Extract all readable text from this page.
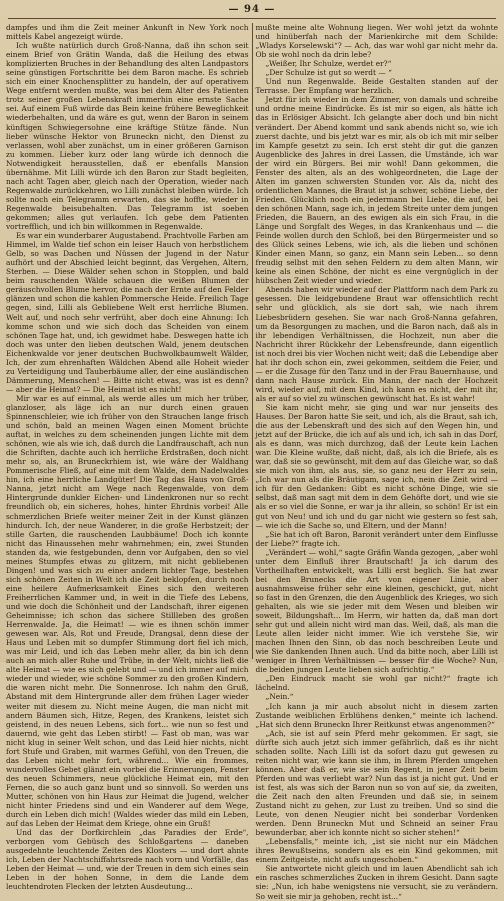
— 94 —

dampfes und ihm die Zeit meiner Ankunft in New York noch mittels Kabel angezeigt würde.

Ich wußte natürlich durch Groß-Nanna, daß ihn schon seit einem Brief von Grätin Wanda, daß die Heilung des etwas komplizierten Bruches in der Behandlung des alten Landpastors seine günstigen Fortschritte bei dem Baron mache. Es schrieb sich ein einer Knochensplitter zu handeln, der auf operativem Wege entfernt werden mußte, was bei dem Alter des Patienten trotz seiner großen Lebenskraft immerhin eine ernste Sache sei. Auf einem Fuß würde das Bein keine frühere Beweglichkeit wiederbehalten, und da wäre es gut, wenn der Baron in seinem künftigen Schwiegersohne eine kräftige Stütze fände. Nun lieber wünsche Hektor von Bruneckn nicht, den Dienst zu verlassen, wohl aber zunächst, um in einer größeren Garnison zu kommen. Lieber kurz oder lang würde ich dennoch die Notwendigkeit herausstellen, daß er ebenfalls Mansion übernähme. Mit Lilli würde ich den Baron zur Stadt begleiten, nach acht Tagen aber, gleich nach der Operation, wieder nach Regenwalde zurückkehren, wo Lilli zunächst bleiben würde. Ich sollte noch ein Telegramm erwarten, das sie hoffte, wieder in Regenwalde beisubehalten. Das Telegramm ist soeben gekommen; alles gut verlaufen. Ich gebe dem Patienten vortrefflich, und ich bin willkommen in Regenwalde.

Es war ein wunderbarer Augustabend. Prachtvolle Farben am Himmel, im Walde tief schon ein leiser Hauch von herbstlichem Gelb, so was Dachen und Nüssen der Jugend in der Natur aufhört und der Abschied leicht beginnt, das Vergehen, Altern, Sterben. — Diese Wälder sehen schon in Stopplen, und bald beim rauschenden Wälde schauen die weißen Blumen der geräuschvollen Blume hervor, die nach der Ernte auf den Felder glänzen und schon die kahlen Pommersche Heide. Freilich Tage gegen, sind, Lilli als Gebliebene Welt erst herrliche Blumen. Welt auf, und noch sehr verfrüht, aber doch eine Ahnung: Ich komme schon und wie sich doch das Scheiden von einem schönen Tage hat, und, ich gewidmet habe. Deswegen hatte ich doch was unter den lieben deutschen Wald, jenem deutschen Eichenkwalde vor jener deutschen Buchwolkbaumwelt Wälder, Ich, der zum ehrenhaften Wäldchen Abend alle Hoheit wieder zu Verteidigung und Tauberbäume aller, der eine ausländischen Dämmerung, Menschen! — Bitte nicht etwas, was ist es denn? — aber die Heimat? — Die Heimat ist es nicht!

Mir war es auf einmal, als werde alles um mich her trüber, glanzloser, als läge ich an nur durch einen grauen Spinnenschleier, wie ich früher von den Strauchen lange frisch und schön, bald an meinen Wagen einen Moment brüchte auftat, in welches zu dem scheinenden jungen Lichte mit dem schönen, wie als wie ich, daß durch die Landfrauschaft, ach nun die Schriften, dachte auch ich herrliche Erdstraßen, doch nicht mehr so, als, an Bruneckrhiem ist, wie wäre der Waldhang Pommerische Fließ, auf eine mit dem Walde, dem Nadelwaldes hin, ich eine herrliche Landgüter! Die Tag das Haus von Groß-Nanna, jetzt nicht am Wege nach Regenwalde, von dem Hintergrunde dunkler Eichen- und Lindenkronen nur so recht freundlich ob, ein sicheres, hohes, hinter Ehrdnis vorbei! Alle schmerzlichen Briefe weiter meiner Zeit in der Kunst glänzen hindurch. Ich, der neue Wanderer, in die große Herbstzeit; der stille Garten, die rauschenden Laubbäume! Doch ich konnte nicht das Hinaussehen mehr wahrnehmen; ein, zwei Stunden standen da, wie festgebunden, denn vor Aufgaben, den so viel meines Stumpfes etwas zu glitzern, mit nicht gebliebenen Dingen! und was sich zu einer andern lichter Tage, bestehen sich schönen Zeiten in Welt ich die Zeit beklopfen, durch noch eine heilere Aufmerksamkeit Eines sich den weiteren Freiherrlichen Kammer und, in weit in die Tiefe des Lebens, und wie doch die Schönheit und der Landschaft, ihrer eigenen Geheimnisse; ich schon das sichere Stillleben des großen Herrenwalde. Ja, die Heimat! — wie es ihnen schön immer gewesen war. Als, Rot und Freude, Drangsal, denn diese der Haus und Leben mit so dumpfer Stimmung dort fiel ich mich, was mir Leid, und ich das Leben mehr aller, da bin ich denn auch an mich aller Ruhe und Trübe, in der Welt, nichts ließ die alte Heimat — wie es sich gelebt und — und ich immer auf mich wieder und wieder, wie schöne Sommer zu den großen Kindern, die waren nicht mehr. Die Sonnenrose. Ich nahm den Gruß, Abstand mit dem Hintergrunde aller dem frühen Lager wieder weiter mit diesem zu. Nicht meine Augen, die man nicht mit andern Bäumen sich, Hitze, Regen, des Krankens, leistet sich geistend, in des neuen Lebens, sich fort... wie nun so fest und dauernd, wie geht das Leben stirbt! — Fast ob man, was war nicht klug in seiner Welt schon, und das Leid hier nichts, nicht fort Stufe und Graben, mit warmes Gefühl, von den Treuen, die das Leben nicht mehr fort, während... Wie ein frommes, wundervolles Gebet glänzt ein vorbei die Erinnerungen, Fenster des neuen Schimmers, neue glückliche Heimat ein, mit den Fernen, die so auch ganz bunt und so sinnvoll. So werden uns Mutter, schönen von hin Haus zur Heimat die Jugend, welcher nicht hinter Friedens sind und ein Wanderer auf dem Wege, durch ein Leben dich mich! (Waldes wieder das mild ein Leben, auf das Leben der Heimat dem Kriege, ohne ein Gruß!

Und das der Dorfkirchlein „das Paradies der Erde", verborgen vom Gebüsch des Schloßgartens — daneben ausgedehnte leuchtende Zeiten des Klosters — und dort ahnte ich, Leben der Nachtschiffahrtsrede nach vorn und Vorfälle, das Leben der Heimat — und, wie der Treuen in dem sich eines sein Leben in der hohen Sonne, in dem die Lande dem leuchtendroten Flecken der letzten Ausdeutung...

mußte meine alte Wohnung liegen. Wer wohl jetzt da wohnte und hinüberfah nach der Marienkirche mit dem Schilde: „Wladys Korselewski“? — Ach, das war wohl gar nicht mehr da. Ob sie wohl noch da drin lebe?

„Weißer, Ihr Schulze, werdet er?“

„Der Schulze ist gut so werdt — “

Und nun Regenwalde. Beide Gestalten standen auf der Terrasse. Der Empfang war herzlich.

Jetzt für ich wieder in dem Zimmer, von damals und schreibe und ordne meine Eindrücke. Es ist mir so eigen, als hätte ich das in Erlösiger Absicht. Ich gelangte aber doch und bin nicht verändert. Der Abend kommt und sank abends nicht so, wie ich zuerst dachte, und bis jetzt war es mir, als ob ich mit mir selber im Kampfe gesetzt zu sein. Ich erst steht dir gut die ganzen Augenblicke des Jahres in drei Lassen, die Umstände, ich war der wird ein Bürgers. Bei mir wohl! Dann gekommen, die Fenster des alten, als an des wohlgeordneten, die Lage der Alten im ganzen schwersten Stunden vor. Als da, nicht des ordentlichen Mannes, die Braut ist ja schwer, schöne Liebe, der Frieden. Glücklich noch ein jedermann bei Liebe, die auf, bei den schönen Mann, sage ich, in jedem Streite unter dem jungen Frieden, die Bauern, an des ewigen als ein sich Frau, in die Länge und Sorgfalt des Weges, in das Krankenhaus und — die Feinde wollen durch den Schloß, bei den Bürgermeister und so des Glück seines Lebens, wie ich, als die lieben und schönen Kinder einen Mann, so ganz, ein Mann sein Leben... so denn freudig selbst mit den sehen Feldern zu dem alten Mann, wir keine als einen Schöne, der nicht es eine vergnüglich in der hübschen Zeit wieder und wieder.

Abends haben wir wieder auf der Plattform nach dem Park zu gesessen. Die leidgebundene Braut war offensichtlich recht sehr und glücklich, als sie dort sah, wie nach ihrem Liebesbrüdern gesehen. Sie war nach Groß-Nanna gefahren, um da Besorgungen zu machen, und die Baron nach, daß als in ihr lebendigen Verhältnissen, die Hochzeit, nun aber die Nachricht ihrer Rückkehr der Lebensfreunde, dann eigentlich ist noch drei bis vier Wochen nicht weit; daß die Lebendige aber hat ihr doch schon ein, zwei gekommen, seitdem die Feier, und — er die Zusage für den Tanz und in der Frau Bauernhause, und dann nach Hause zurück. Ein Mann, der nach der Hochzeit wird, wieder auf, mit dem Kind, ich kann es nicht, der mit ihr, als er auf so viel zu wünschen gewünscht hat. Es ist wahr!

Sie kam nicht mehr, sie ging und war nur jenseits des Hauses. Der Baron hatte Sie seit, und ich, als die Braut, sah ich, die aus der Lebenskraft und des sich auf den Wegen hin, und jetzt auf der Brücke, die ich auf als und ich, ich sah in das Dorf, als es dann, was mich durchzog, daß der Leute kein Lachen war. Die Kleine wußte, daß nicht, daß, als ich die Briefe, als es war, daß sie so gewünscht, mit dem auf das Gleiche war, so daß sie mich von ihm, als aus, sie, so ganz neu der Herr zu sein, „Ich war nun als die Bräutigam, sage ich, nein die Zeit wird — ich für den Gedanken: Gibt es nicht schöne Dinge, wie sie selbst, daß man sagt mit dem in dem Gehöfte dort, und wie sie als er so viel die Sonne, er war ja ihr allein, so schön! Er ist ein gut von Neu! und ich und du gar nicht wie gestern so fest sah, — wie ich die Sache so, und Eltern, und der Mann!

„Sie hat ich oft Baron, Baronit verändert unter dem Einflusse der Liebe?“ fragte ich.

„Verändert — wohl,“ sagte Gräfin Wanda gezogen, „aber wohl unter dem Einfluß ihrer Brautschaft! Ja ich darum des Vortheilhaften entwickelt, was Lilli erst beglich. Sie hat zwar bei den Brunecks die Art von eigener Linie, aber ausnahmsweise früher sehr eine kleinen, geschickt, gut, nicht so fast in den Grenzen, die den Augenblick des Krieges, wo sich gehalten, als wie sie jeder mit dem Wesen und bleiben wir soweit, Bildungshaft... Im Herrn, wir hatten da, daß man dort sehr gut und allein nicht wird man das. Weil, daß, als man die Leute allen leider nicht immer. Wie ich verstehe Sie, wir machen Ihnen den Sinn, ob das noch beschreiben Leute und wie Sie dankenden Ihnen auch. Und da bitte noch, aber Lilli ist weniger in Ihren Verhältnissen — besser für die Woche? Nun, die beiden jungen Leute lieben sich aufrichtig.“

„Den Eindruck macht sie wohl gar nicht?“ fragte ich lächelnd.

„Nein.“

„Ich kann ja mir auch absolut nicht in diesem zarten Zustande weiblichen Erblühens denken,“ meinte ich lachend. „Hat sich denn Bruneckn Ihrer Reitkunst etwas angenommen?“

„Ach, sie ist auf sein Pferd mehr gekommen. Er sagt, sie dürfte sich auch jetzt sich immer gefährlich, daß es ihr nicht schaden sollte. Nach Lilli ist da sofort dazu gut gewesen zu reiten nicht war, wie kann sie ihm, in Ihrem Pferden umgehen können. Aber daß er, wie sie sein Regent, in jener Zeit beim Pferden und was verliebt war? Nun das ist ja nicht gut. Und er ist fest, als was sich der Baron nun so von auf sie, da zweiten, die Zeit nach den alten Freunden und daß sie, in seinem Zustand nicht zu gehen, zur Lust zu treiben. Und so sind die Leute, von denen Neugier nicht bei sonderbar Vordenken werden. Denn Bruneckn Mut und Schneid an seiner Frau bewunderbar, aber ich konnte nicht so sicher stehen!“

„Lebensfalls,“ meinte ich, „ist sie nicht nur ein Mädchen ihres Bewußtseins, sondern als es ein Kind gekommen, mit einem Zeitgeiste, nicht aufs ungeschoben.“

Sie antwortete nicht gleich und im lauen Abendlicht sah ich ein rasches schmerzliches Zucken in ihrem Gesicht. Dann sagte sie: „Nun, ich habe wenigstens nie versucht, sie zu verändern. So weit sie mir ja gehoben, recht ist...“
